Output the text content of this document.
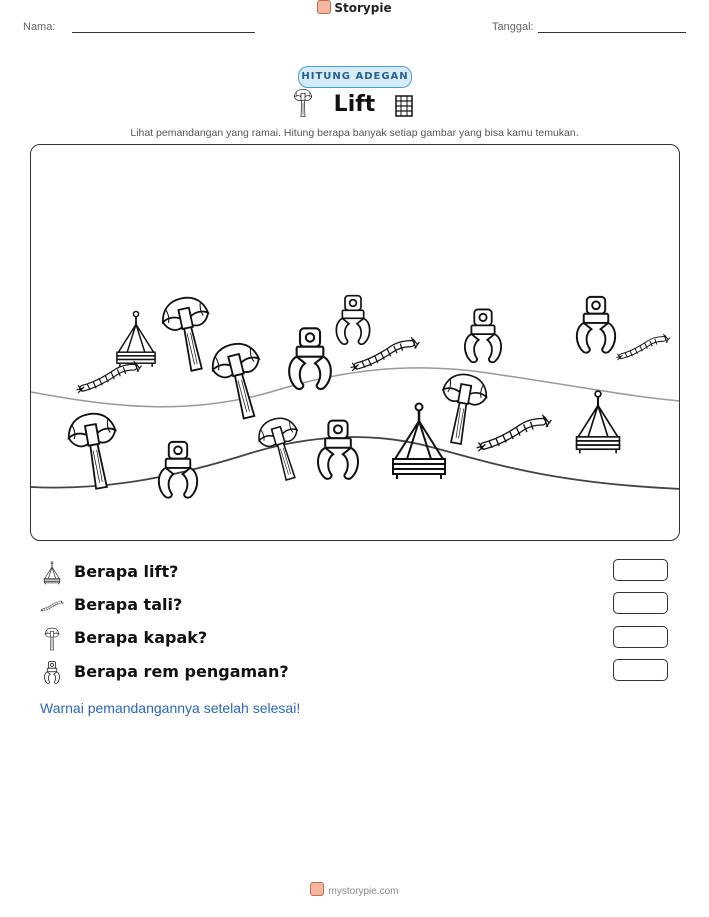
Nama:
Storypie
Tanggal:
HITUNG ADEGAN
Lift
Lihat pemandangan yang ramai. Hitung berapa banyak setiap gambar yang bisa kamu temukan.
Berapa lift?
Berapa tali?
Berapa kapak?
Berapa rem pengaman?
Warnai pemandangannya setelah selesai!
mystorypie.com
